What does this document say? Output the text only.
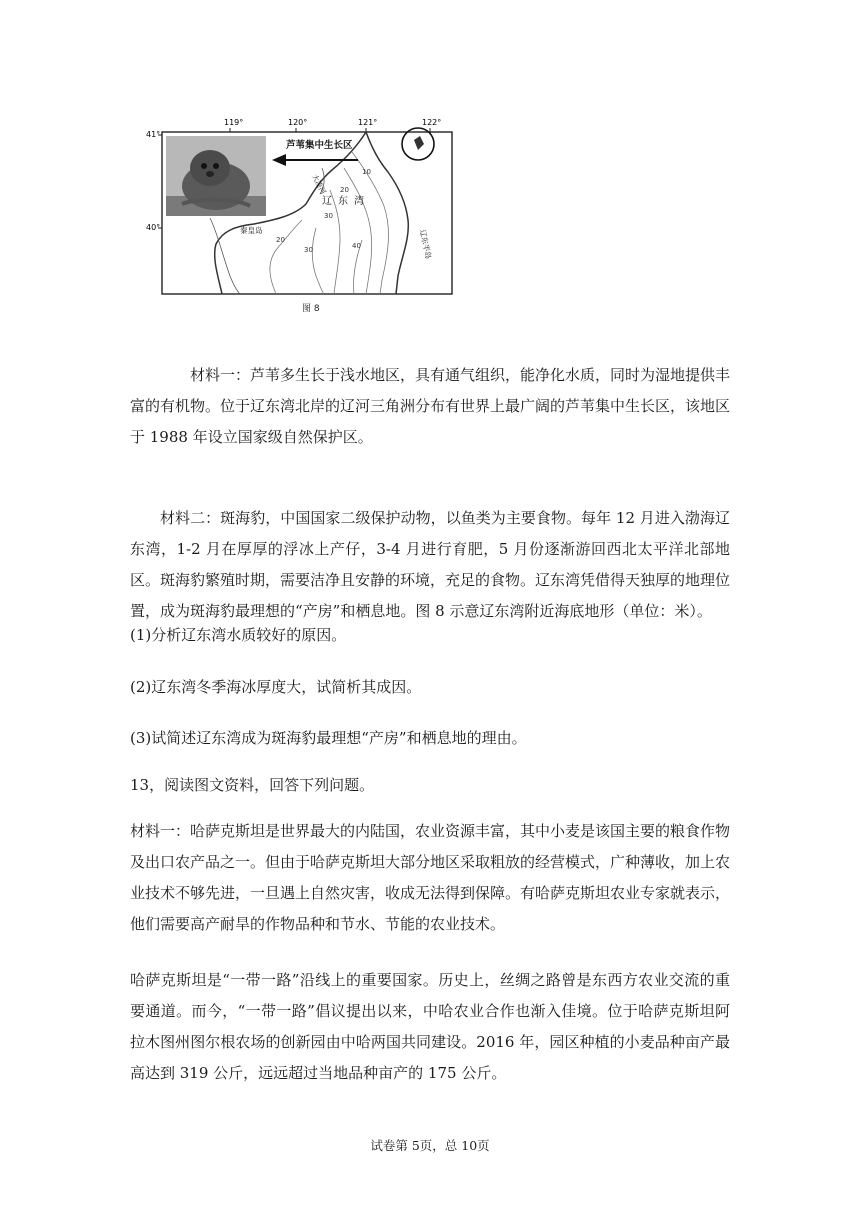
119°	120°	121°	122°
41°
40°
10
20
30
20
30	40
芦苇集中生长区
辽东湾
秦皇岛
大凌河
辽东半岛
图 8

材料一：芦苇多生长于浅水地区，具有通气组织，能净化水质，同时为湿地提供丰富的有机物。位于辽东湾北岸的辽河三角洲分布有世界上最广阔的芦苇集中生长区，该地区于 1988 年设立国家级自然保护区。

材料二：斑海豹，中国国家二级保护动物，以鱼类为主要食物。每年 12 月进入渤海辽东湾，1-2 月在厚厚的浮冰上产仔，3-4 月进行育肥，5 月份逐渐游回西北太平洋北部地区。斑海豹繁殖时期，需要洁净且安静的环境，充足的食物。辽东湾凭借得天独厚的地理位置，成为斑海豹最理想的“产房”和栖息地。图 8 示意辽东湾附近海底地形（单位：米）。

(1)分析辽东湾水质较好的原因。

(2)辽东湾冬季海冰厚度大，试简析其成因。

(3)试简述辽东湾成为斑海豹最理想“产房”和栖息地的理由。

13，阅读图文资料，回答下列问题。

材料一：哈萨克斯坦是世界最大的内陆国，农业资源丰富，其中小麦是该国主要的粮食作物及出口农产品之一。但由于哈萨克斯坦大部分地区采取粗放的经营模式，广种薄收，加上农业技术不够先进，一旦遇上自然灾害，收成无法得到保障。有哈萨克斯坦农业专家就表示，他们需要高产耐旱的作物品种和节水、节能的农业技术。

哈萨克斯坦是“一带一路”沿线上的重要国家。历史上，丝绸之路曾是东西方农业交流的重要通道。而今，“一带一路”倡议提出以来，中哈农业合作也渐入佳境。位于哈萨克斯坦阿拉木图州图尔根农场的创新园由中哈两国共同建设。2016 年，园区种植的小麦品种亩产最高达到 319 公斤，远远超过当地品种亩产的 175 公斤。

试卷第 5页，总 10页
